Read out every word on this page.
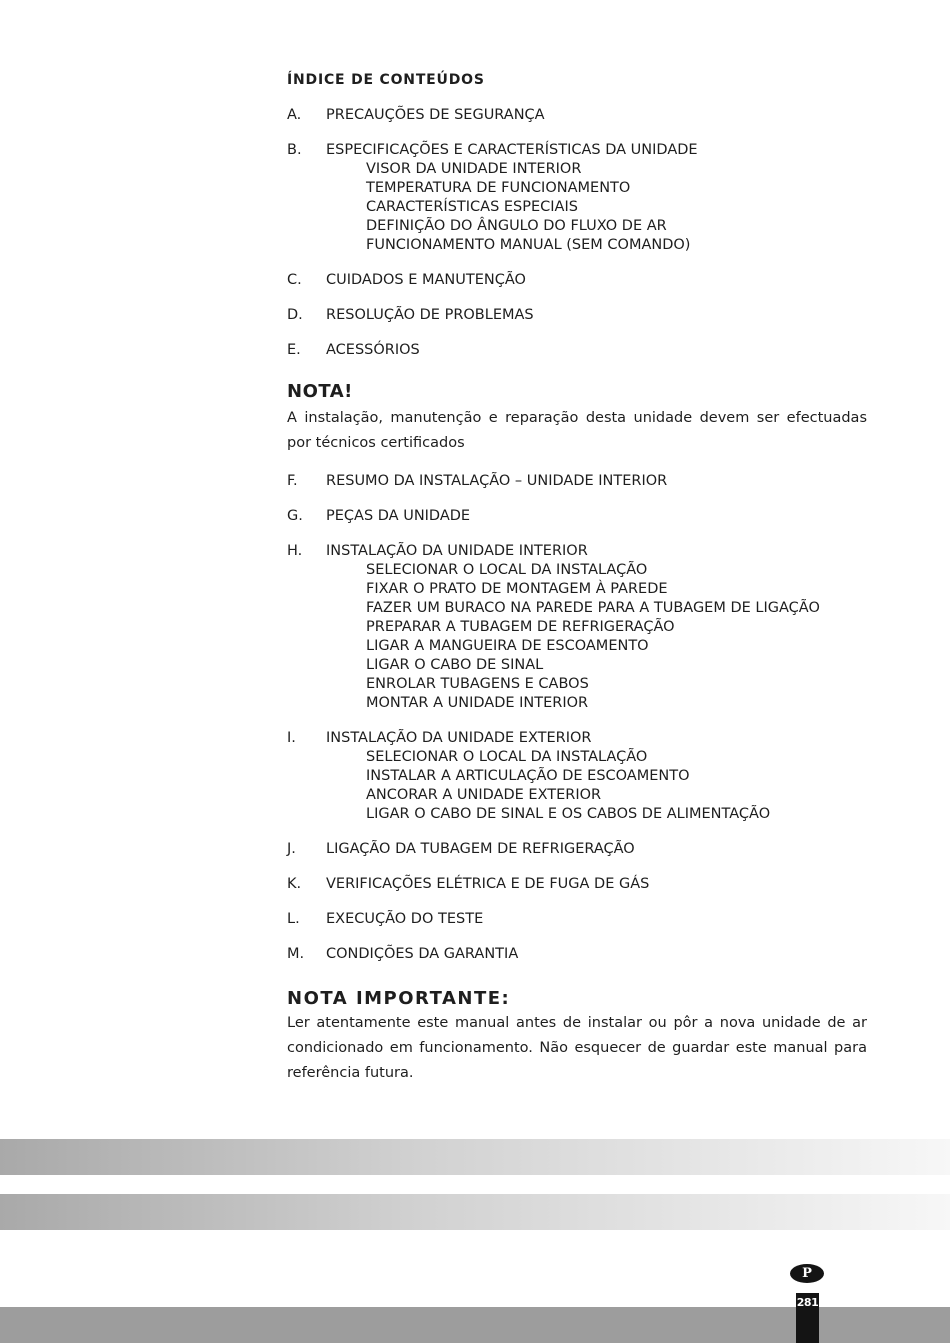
ÍNDICE DE CONTEÚDOS
A.	PRECAUÇÕES DE SEGURANÇA
B.	ESPECIFICAÇÕES E CARACTERÍSTICAS DA UNIDADE
VISOR DA UNIDADE INTERIOR
TEMPERATURA DE FUNCIONAMENTO
CARACTERÍSTICAS ESPECIAIS
DEFINIÇÃO DO ÂNGULO DO FLUXO DE AR
FUNCIONAMENTO MANUAL (SEM COMANDO)
C.	CUIDADOS E MANUTENÇÃO
D.	RESOLUÇÃO DE PROBLEMAS
E.	ACESSÓRIOS
NOTA!
A instalação, manutenção e reparação desta unidade devem ser efectuadas por técnicos certificados
F.	RESUMO DA INSTALAÇÃO – UNIDADE INTERIOR
G.	PEÇAS DA UNIDADE
H.	INSTALAÇÃO DA UNIDADE INTERIOR
SELECIONAR O LOCAL DA INSTALAÇÃO
FIXAR O PRATO DE MONTAGEM À PAREDE
FAZER UM BURACO NA PAREDE PARA A TUBAGEM DE LIGAÇÃO
PREPARAR A TUBAGEM DE REFRIGERAÇÃO
LIGAR A MANGUEIRA DE ESCOAMENTO
LIGAR O CABO DE SINAL
ENROLAR TUBAGENS E CABOS
MONTAR A UNIDADE INTERIOR
I.	INSTALAÇÃO DA UNIDADE EXTERIOR
SELECIONAR O LOCAL DA INSTALAÇÃO
INSTALAR A ARTICULAÇÃO DE ESCOAMENTO
ANCORAR A UNIDADE EXTERIOR
LIGAR O CABO DE SINAL E OS CABOS DE ALIMENTAÇÃO
J.	LIGAÇÃO DA TUBAGEM DE REFRIGERAÇÃO
K.	VERIFICAÇÕES ELÉTRICA E DE FUGA DE GÁS
L.	EXECUÇÃO DO TESTE
M.	CONDIÇÕES DA GARANTIA
NOTA IMPORTANTE:
Ler atentamente este manual antes de instalar ou pôr a nova unidade de ar condicionado em funcionamento. Não esquecer de guardar este manual para referência futura.
P
281
